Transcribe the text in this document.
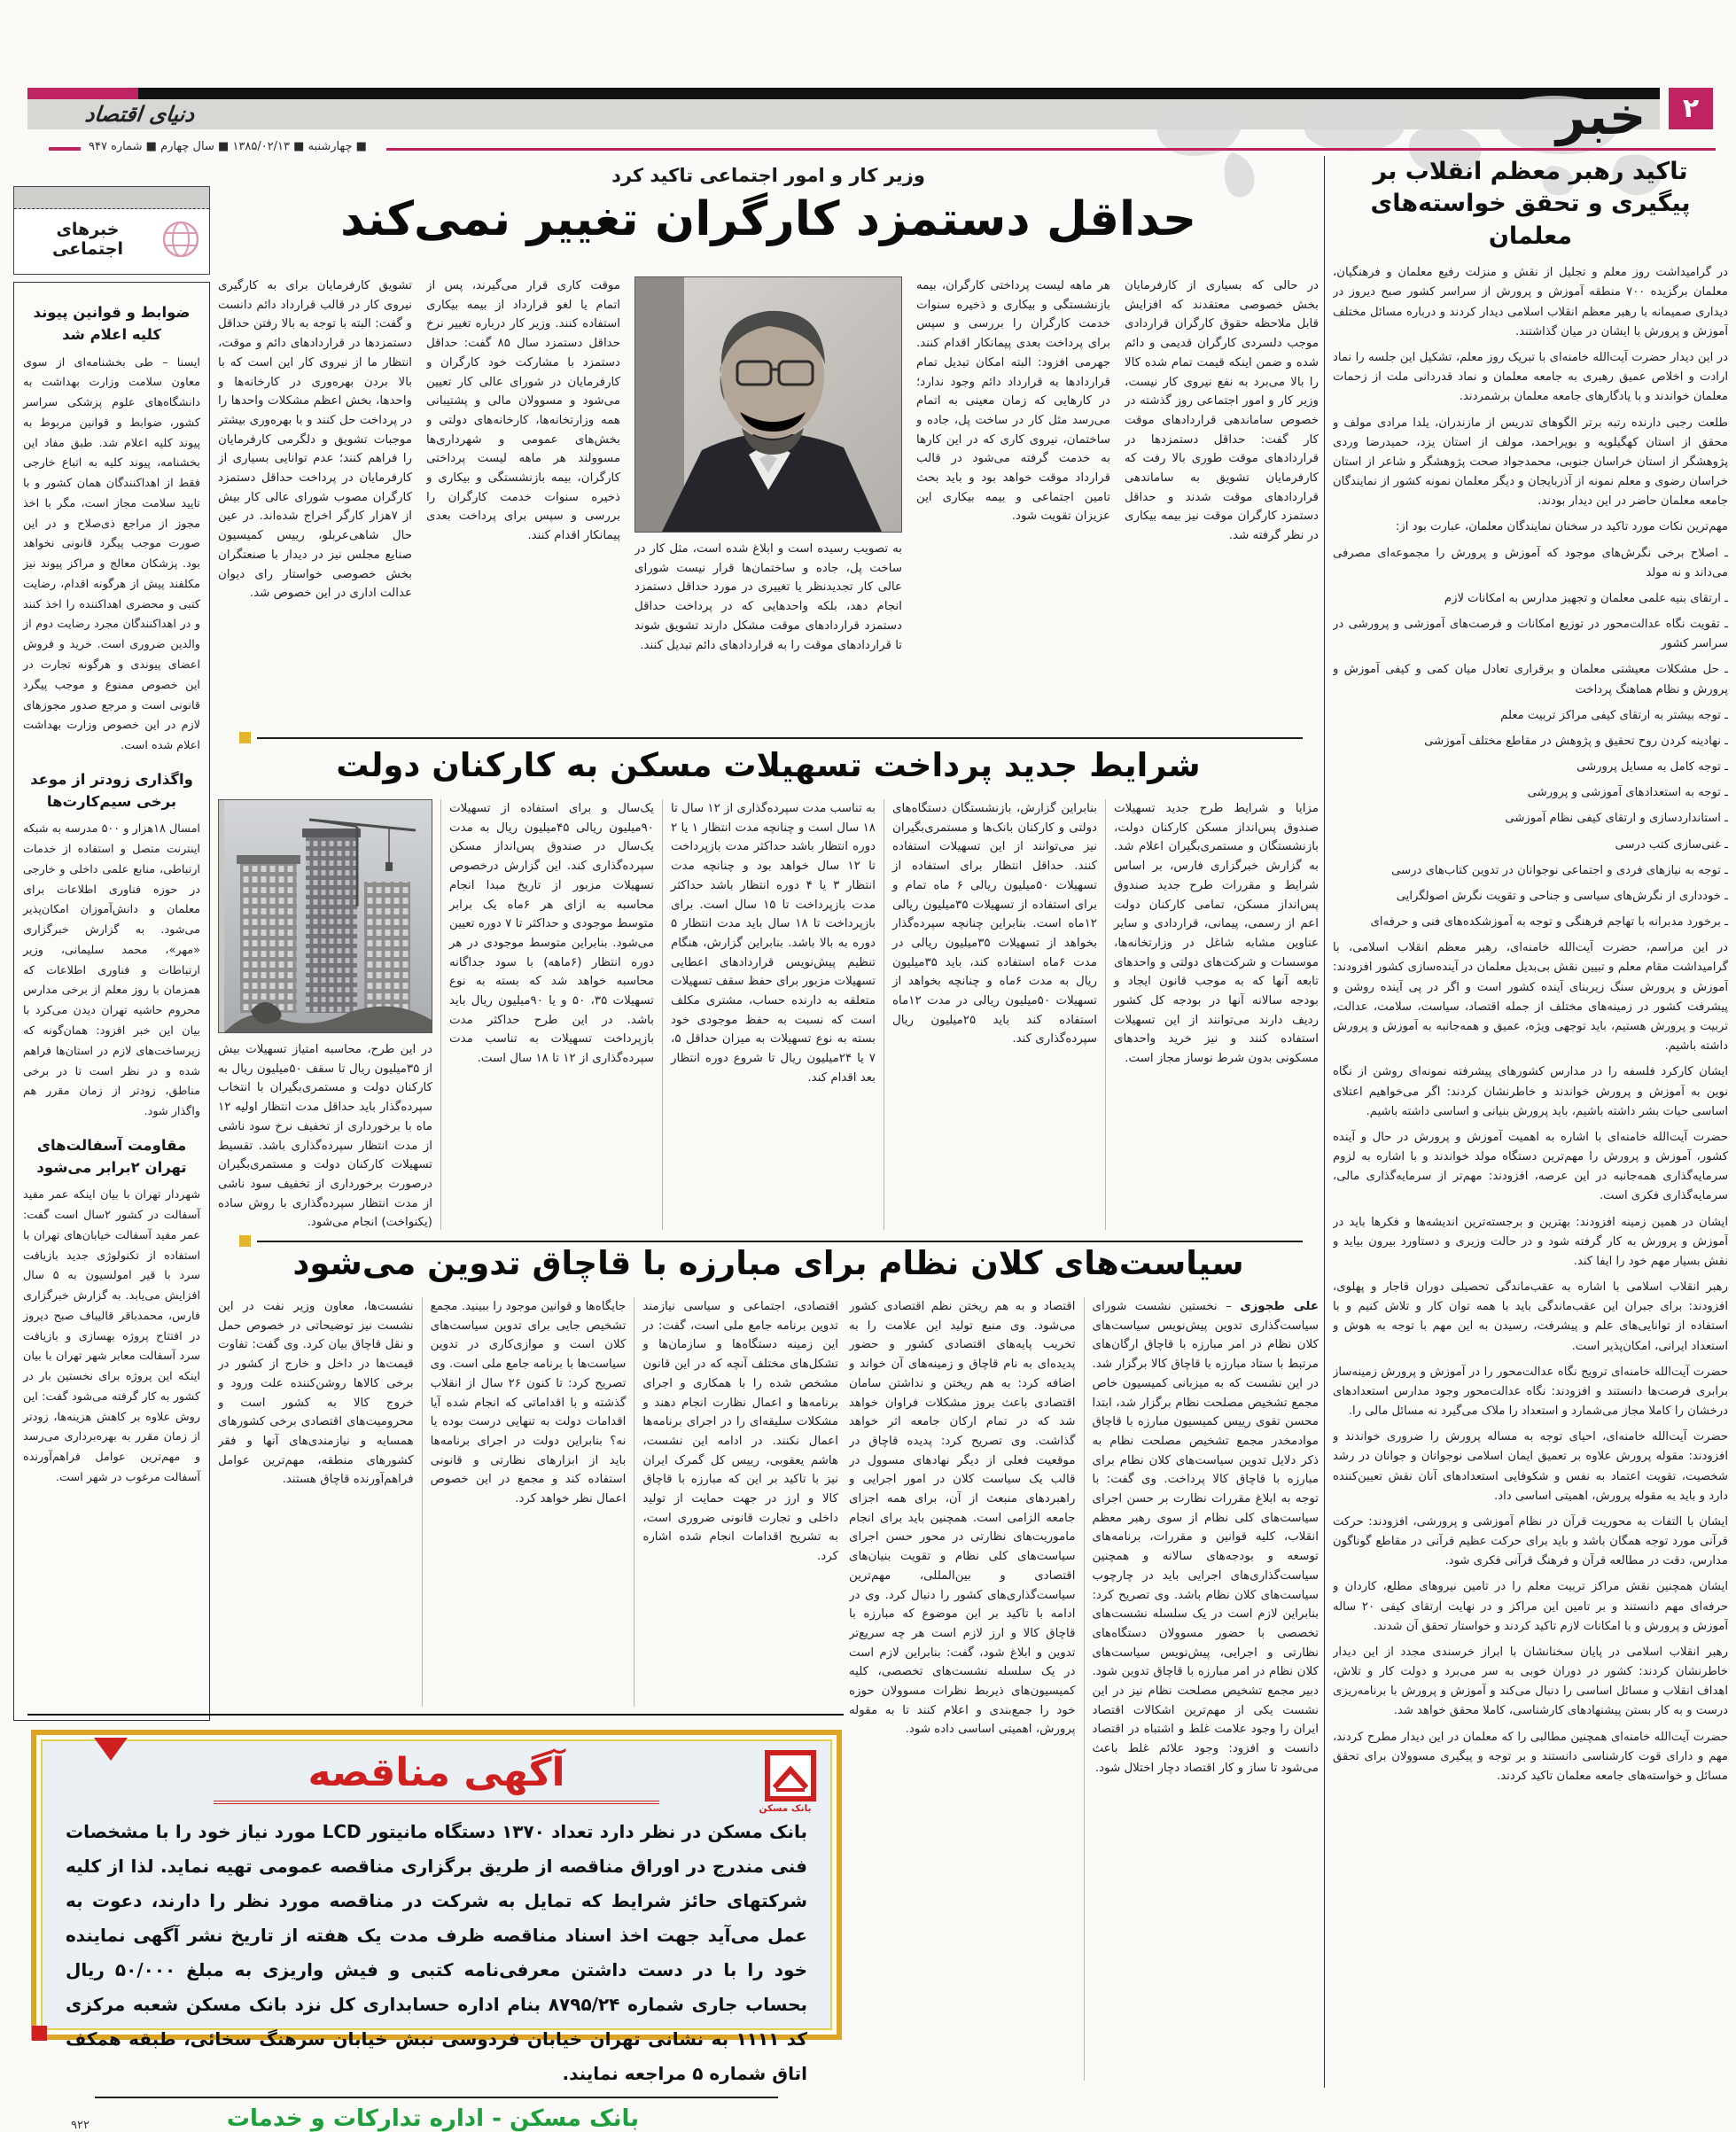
دنیای اقتصاد	۲
خبر
■ چهارشنبه ■ ۱۳۸۵/۰۲/۱۳ ■ سال چهارم ■ شماره ۹۴۷
تاکید رهبر معظم انقلاب بر
پیگیری و تحقق خواسته‌های معلمان

در گرامیداشت روز معلم و تجلیل از نقش و منزلت رفیع معلمان و فرهنگیان، معلمان برگزیده ۷۰۰ منطقه آموزش و پرورش از سراسر کشور صبح دیروز در دیداری صمیمانه با رهبر معظم انقلاب اسلامی دیدار کردند و درباره مسائل مختلف آموزش و پرورش با ایشان در میان گذاشتند.

در این دیدار حضرت آیت‌الله خامنه‌ای با تبریک روز معلم، تشکیل این جلسه را نماد ارادت و اخلاص عمیق رهبری به جامعه معلمان و نماد قدردانی ملت از زحمات معلمان خواندند و با یادگارهای جامعه معلمان برشمردند.

طلعت رجبی دارنده رتبه برتر الگوهای تدریس از مازندران، یلدا مرادی مولف و محقق از استان کهگیلویه و بویراحمد، مولف از استان یزد، حمیدرضا وردی پژوهشگر از استان خراسان جنوبی، محمدجواد صحت پژوهشگر و شاعر از استان خراسان رضوی و معلم نمونه از آذربایجان و دیگر معلمان نمونه کشور از نمایندگان جامعه معلمان حاضر در این دیدار بودند.

مهم‌ترین نکات مورد تاکید در سخنان نمایندگان معلمان، عبارت بود از:

ـ اصلاح برخی نگرش‌های موجود که آموزش و پرورش را مجموعه‌ای مصرفی می‌داند و نه مولد

ـ ارتقای بنیه علمی معلمان و تجهیز مدارس به امکانات لازم

ـ تقویت نگاه عدالت‌محور در توزیع امکانات و فرصت‌های آموزشی و پرورشی در سراسر کشور

ـ حل مشکلات معیشتی معلمان و برقراری تعادل میان کمی و کیفی آموزش و پرورش و نظام هماهنگ پرداخت

ـ توجه بیشتر به ارتقای کیفی مراکز تربیت معلم

ـ نهادینه کردن روح تحقیق و پژوهش در مقاطع مختلف آموزشی

ـ توجه کامل به مسایل پرورشی

ـ توجه به استعدادهای آموزشی و پرورشی

ـ استانداردسازی و ارتقای کیفی نظام آموزشی

ـ غنی‌سازی کتب درسی

ـ توجه به نیازهای فردی و اجتماعی نوجوانان در تدوین کتاب‌های درسی

ـ خودداری از نگرش‌های سیاسی و جناحی و تقویت نگرش اصولگرایی

ـ برخورد مدبرانه با تهاجم فرهنگی و توجه به آموزشکده‌های فنی و حرفه‌ای

در این مراسم، حضرت آیت‌الله خامنه‌ای، رهبر معظم انقلاب اسلامی، با گرامیداشت مقام معلم و تبیین نقش بی‌بدیل معلمان در آینده‌سازی کشور افزودند: آموزش و پرورش سنگ زیربنای آینده کشور است و اگر در پی آینده روشن و پیشرفت کشور در زمینه‌های مختلف از جمله اقتصاد، سیاست، سلامت، عدالت، تربیت و پرورش هستیم، باید توجهی ویژه، عمیق و همه‌جانبه به آموزش و پرورش داشته باشیم.

ایشان کارکرد فلسفه را در مدارس کشورهای پیشرفته نمونه‌ای روشن از نگاه نوین به آموزش و پرورش خواندند و خاطرنشان کردند: اگر می‌خواهیم اعتلای اساسی حیات بشر داشته باشیم، باید پرورش بنیانی و اساسی داشته باشیم.

حضرت آیت‌الله خامنه‌ای با اشاره به اهمیت آموزش و پرورش در حال و آینده کشور، آموزش و پرورش را مهم‌ترین دستگاه مولد خواندند و با اشاره به لزوم سرمایه‌گذاری همه‌جانبه در این عرصه، افزودند: مهم‌تر از سرمایه‌گذاری مالی، سرمایه‌گذاری فکری است.

ایشان در همین زمینه افزودند: بهترین و برجسته‌ترین اندیشه‌ها و فکرها باید در آموزش و پرورش به کار گرفته شود و در حالت وزیری و دستاورد بیرون بیاید و نقش بسیار مهم خود را ایفا کند.

رهبر انقلاب اسلامی با اشاره به عقب‌ماندگی تحصیلی دوران قاجار و پهلوی، افزودند: برای جبران این عقب‌ماندگی باید با همه توان کار و تلاش کنیم و با استفاده از توانایی‌های علم و پیشرفت، رسیدن به این مهم با توجه به هوش و استعداد ایرانی، امکان‌پذیر است.

حضرت آیت‌الله خامنه‌ای ترویج نگاه عدالت‌محور را در آموزش و پرورش زمینه‌ساز برابری فرصت‌ها دانستند و افزودند: نگاه عدالت‌محور وجود مدارس استعدادهای درخشان را کاملا مجاز می‌شمارد و استعداد را ملاک می‌گیرد نه مسائل مالی را.

حضرت آیت‌الله خامنه‌ای، احیای توجه به مساله پرورش را ضروری خواندند و افزودند: مقوله پرورش علاوه بر تعمیق ایمان اسلامی نوجوانان و جوانان در رشد شخصیت، تقویت اعتماد به نفس و شکوفایی استعدادهای آنان نقش تعیین‌کننده دارد و باید به مقوله پرورش، اهمیتی اساسی داد.

ایشان با التفات به محوریت قرآن در نظام آموزشی و پرورشی، افزودند: حرکت قرآنی مورد توجه همگان باشد و باید برای حرکت عظیم قرآنی در مقاطع گوناگون مدارس، دقت در مطالعه قرآن و فرهنگ قرآنی فکری شود.

ایشان همچنین نقش مراکز تربیت معلم را در تامین نیروهای مطلع، کاردان و حرفه‌ای مهم دانستند و بر تامین این مراکز و در نهایت ارتقای کیفی ۲۰ ساله آموزش و پرورش و با امکانات لازم تاکید کردند و خواستار تحقق آن شدند.

رهبر انقلاب اسلامی در پایان سخنانشان با ابراز خرسندی مجدد از این دیدار خاطرنشان کردند: کشور در دوران خوبی به سر می‌برد و دولت کار و تلاش، اهداف انقلاب و مسائل اساسی را دنبال می‌کند و آموزش و پرورش با برنامه‌ریزی درست و به کار بستن پیشنهادهای کارشناسی، کاملا محقق خواهد شد.

حضرت آیت‌الله خامنه‌ای همچنین مطالبی را که معلمان در این دیدار مطرح کردند، مهم و دارای قوت کارشناسی دانستند و بر توجه و پیگیری مسوولان برای تحقق مسائل و خواسته‌های جامعه معلمان تاکید کردند.

خبرهای اجتماعی
ضوابط و قوانین پیوند کلیه اعلام شد
ایسنا – طی بخشنامه‌ای از سوی معاون سلامت وزارت بهداشت به دانشگاه‌های علوم پزشکی سراسر کشور، ضوابط و قوانین مربوط به پیوند کلیه اعلام شد. طبق مفاد این بخشنامه، پیوند کلیه به اتباع خارجی فقط از اهداکنندگان همان کشور و با تایید سلامت مجاز است، مگر با اخذ مجوز از مراجع ذی‌صلاح و در این صورت موجب پیگرد قانونی نخواهد بود. پزشکان معالج و مراکز پیوند نیز مکلفند پیش از هرگونه اقدام، رضایت کتبی و محضری اهداکننده را اخذ کنند و در اهداکنندگان مجرد رضایت دوم از والدین ضروری است. خرید و فروش اعضای پیوندی و هرگونه تجارت در این خصوص ممنوع و موجب پیگرد قانونی است و مرجع صدور مجوزهای لازم در این خصوص وزارت بهداشت اعلام شده است.
واگذاری زودتر از موعد برخی سیم‌کارت‌ها
امسال ۱۸هزار و ۵۰۰ مدرسه به شبکه اینترنت متصل و استفاده از خدمات ارتباطی، منابع علمی داخلی و خارجی در حوزه فناوری اطلاعات برای معلمان و دانش‌آموزان امکان‌پذیر می‌شود. به گزارش خبرگزاری «مهر»، محمد سلیمانی، وزیر ارتباطات و فناوری اطلاعات که همزمان با روز معلم از برخی مدارس محروم حاشیه تهران دیدن می‌کرد با بیان این خبر افزود: همان‌گونه که زیرساخت‌های لازم در استان‌ها فراهم شده و در نظر است تا در برخی مناطق، زودتر از زمان مقرر هم واگذار شود.
مقاومت آسفالت‌های تهران ۲برابر می‌شود
شهردار تهران با بیان اینکه عمر مفید آسفالت در کشور ۲سال است گفت: عمر مفید آسفالت خیابان‌های تهران با استفاده از تکنولوژی جدید بازیافت سرد با قیر امولسیون به ۵ سال افزایش می‌یابد. به گزارش خبرگزاری فارس، محمدباقر قالیباف صبح دیروز در افتتاح پروژه بهسازی و بازیافت سرد آسفالت معابر شهر تهران با بیان اینکه این پروژه برای نخستین بار در کشور به کار گرفته می‌شود گفت: این روش علاوه بر کاهش هزینه‌ها، زودتر از زمان مقرر به بهره‌برداری می‌رسد و مهم‌ترین عوامل فراهم‌آورنده آسفالت مرغوب در شهر است.
وزیر کار و امور اجتماعی تاکید کرد
حداقل دستمزد کارگران تغییر نمی‌کند
در حالی که بسیاری از کارفرمایان بخش خصوصی معتقدند که افزایش قابل ملاحظه حقوق کارگران قراردادی موجب دلسردی کارگران قدیمی و دائم شده و ضمن اینکه قیمت تمام شده کالا را بالا می‌برد به نفع نیروی کار نیست، وزیر کار و امور اجتماعی روز گذشته در خصوص ساماندهی قراردادهای موقت کار گفت: حداقل دستمزدها در قراردادهای موقت طوری بالا رفت که کارفرمایان تشویق به ساماندهی قراردادهای موقت شدند و حداقل دستمزد کارگران موقت نیز بیمه بیکاری در نظر گرفته شد.
هر ماهه لیست پرداختی کارگران، بیمه بازنشستگی و بیکاری و ذخیره سنوات خدمت کارگران را بررسی و سپس برای پرداخت بعدی پیمانکار اقدام کنند. جهرمی افزود: البته امکان تبدیل تمام قراردادها به قرارداد دائم وجود ندارد؛ در کارهایی که زمان معینی به اتمام می‌رسد مثل کار در ساخت پل، جاده و ساختمان، نیروی کاری که در این کارها به خدمت گرفته می‌شود در قالب قرارداد موقت خواهد بود و باید بحث تامین اجتماعی و بیمه بیکاری این عزیزان تقویت شود.
به تصویب رسیده است و ابلاغ شده است، مثل کار در ساخت پل، جاده و ساختمان‌ها قرار نیست شورای عالی کار تجدیدنظر یا تغییری در مورد حداقل دستمزد انجام دهد، بلکه واحدهایی که در پرداخت حداقل دستمزد قراردادهای موقت مشکل دارند تشویق شوند تا قراردادهای موقت را به قراردادهای دائم تبدیل کنند.
موقت کاری قرار می‌گیرند، پس از اتمام یا لغو قرارداد از بیمه بیکاری استفاده کنند. وزیر کار درباره تغییر نرخ حداقل دستمزد سال ۸۵ گفت: حداقل دستمزد با مشارکت خود کارگران و کارفرمایان در شورای عالی کار تعیین می‌شود و مسوولان مالی و پشتیبانی همه وزارتخانه‌ها، کارخانه‌های دولتی و بخش‌های عمومی و شهرداری‌ها مسوولند هر ماهه لیست پرداختی کارگران، بیمه بازنشستگی و بیکاری و ذخیره سنوات خدمت کارگران را بررسی و سپس برای پرداخت بعدی پیمانکار اقدام کنند.
تشویق کارفرمایان برای به کارگیری نیروی کار در قالب قرارداد دائم دانست و گفت: البته با توجه به بالا رفتن حداقل دستمزدها در قراردادهای دائم و موقت، انتظار ما از نیروی کار این است که با بالا بردن بهره‌وری در کارخانه‌ها و واحدها، بخش اعظم مشکلات واحدها را در پرداخت حل کنند و با بهره‌وری بیشتر موجبات تشویق و دلگرمی کارفرمایان را فراهم کنند؛ عدم توانایی بسیاری از کارفرمایان در پرداخت حداقل دستمزد کارگران مصوب شورای عالی کار بیش از ۷هزار کارگر اخراج شده‌اند. در عین حال شاهی‌عربلو، رییس کمیسیون صنایع مجلس نیز در دیدار با صنعتگران بخش خصوصی خواستار رای دیوان عدالت اداری در این خصوص شد.
شرایط جدید پرداخت تسهیلات مسکن به کارکنان دولت
مزایا و شرایط طرح جدید تسهیلات صندوق پس‌انداز مسکن کارکنان دولت، بازنشستگان و مستمری‌بگیران اعلام شد. به گزارش خبرگزاری فارس، بر اساس شرایط و مقررات طرح جدید صندوق پس‌انداز مسکن، تمامی کارکنان دولت اعم از رسمی، پیمانی، قراردادی و سایر عناوین مشابه شاغل در وزارتخانه‌ها، موسسات و شرکت‌های دولتی و واحدهای تابعه آنها که به موجب قانون ایجاد و بودجه سالانه آنها در بودجه کل کشور ردیف دارند می‌توانند از این تسهیلات استفاده کنند و نیز خرید واحدهای مسکونی بدون شرط نوساز مجاز است.
بنابراین گزارش، بازنشستگان دستگاه‌های دولتی و کارکنان بانک‌ها و مستمری‌بگیران نیز می‌توانند از این تسهیلات استفاده کنند. حداقل انتظار برای استفاده از تسهیلات ۵۰میلیون ریالی ۶ ماه تمام و برای استفاده از تسهیلات ۳۵میلیون ریالی ۱۲ماه است. بنابراین چنانچه سپرده‌گذار بخواهد از تسهیلات ۳۵میلیون ریالی در مدت ۶ماه استفاده کند، باید ۳۵میلیون ریال به مدت ۶ماه و چنانچه بخواهد از تسهیلات ۵۰میلیون ریالی در مدت ۱۲ماه استفاده کند باید ۲۵میلیون ریال سپرده‌گذاری کند.
به تناسب مدت سپرده‌گذاری از ۱۲ سال تا ۱۸ سال است و چنانچه مدت انتظار ۱ یا ۲ دوره انتظار باشد حداکثر مدت بازپرداخت تا ۱۲ سال خواهد بود و چنانچه مدت انتظار ۳ یا ۴ دوره انتظار باشد حداکثر مدت بازپرداخت تا ۱۵ سال است. برای بازپرداخت تا ۱۸ سال باید مدت انتظار ۵ دوره به بالا باشد. بنابراین گزارش، هنگام تنظیم پیش‌نویس قراردادهای اعطایی تسهیلات مزبور برای حفظ سقف تسهیلات متعلقه به دارنده حساب، مشتری مکلف است که نسبت به حفظ موجودی خود بسته به نوع تسهیلات به میزان حداقل ۵، ۷ یا ۲۴میلیون ریال تا شروع دوره انتظار بعد اقدام کند.
یک‌سال و برای استفاده از تسهیلات ۹۰میلیون ریالی ۴۵میلیون ریال به مدت یک‌سال در صندوق پس‌انداز مسکن سپرده‌گذاری کند. این گزارش درخصوص تسهیلات مزبور از تاریخ مبدا انجام محاسبه به ازای هر ۶ماه یک برابر متوسط موجودی و حداکثر تا ۷ دوره تعیین می‌شود. بنابراین متوسط موجودی در هر دوره انتظار (۶ماهه) با سود جداگانه محاسبه خواهد شد که بسته به نوع تسهیلات ۳۵، ۵۰ و یا ۹۰میلیون ریال باید باشد. در این طرح حداکثر مدت بازپرداخت تسهیلات به تناسب مدت سپرده‌گذاری از ۱۲ تا ۱۸ سال است.
در این طرح، محاسبه امتیاز تسهیلات بیش از ۳۵میلیون ریال تا سقف ۵۰میلیون ریال به کارکنان دولت و مستمری‌بگیران با انتخاب سپرده‌گذار باید حداقل مدت انتظار اولیه ۱۲ ماه با برخورداری از تخفیف نرخ سود ناشی از مدت انتظار سپرده‌گذاری باشد. تقسیط تسهیلات کارکنان دولت و مستمری‌بگیران درصورت برخورداری از تخفیف سود ناشی از مدت انتظار سپرده‌گذاری با روش ساده (یکنواخت) انجام می‌شود.
سیاست‌های کلان نظام برای مبارزه با قاچاق تدوین می‌شود
علی طجوزی – نخستین نشست شورای سیاست‌گذاری تدوین پیش‌نویس سیاست‌های کلان نظام در امر مبارزه با قاچاق ارگان‌های مرتبط با ستاد مبارزه با قاچاق کالا برگزار شد. در این نشست که به میزبانی کمیسیون خاص مجمع تشخیص مصلحت نظام برگزار شد، ابتدا محسن تقوی رییس کمیسیون مبارزه با قاچاق موادمخدر مجمع تشخیص مصلحت نظام به ذکر دلایل تدوین سیاست‌های کلان نظام برای مبارزه با قاچاق کالا پرداخت. وی گفت: با توجه به ابلاغ مقررات نظارت بر حسن اجرای سیاست‌های کلی نظام از سوی رهبر معظم انقلاب، کلیه قوانین و مقررات، برنامه‌های توسعه و بودجه‌های سالانه و همچنین سیاست‌گذاری‌های اجرایی باید در چارچوب سیاست‌های کلان نظام باشد. وی تصریح کرد: بنابراین لازم است در یک سلسله نشست‌های تخصصی با حضور مسوولان دستگاه‌های نظارتی و اجرایی، پیش‌نویس سیاست‌های کلان نظام در امر مبارزه با قاچاق تدوین شود. دبیر مجمع تشخیص مصلحت نظام نیز در این نشست یکی از مهم‌ترین اشکالات اقتصاد ایران را وجود علامت غلط و اشتباه در اقتصاد دانست و افزود: وجود علائم غلط باعث می‌شود تا ساز و کار اقتصاد دچار اختلال شود.
اقتصاد و به هم ریختن نظم اقتصادی کشور می‌شود. وی منبع تولید این علامت را به تخریب پایه‌های اقتصادی کشور و حضور پدیده‌ای به نام قاچاق و زمینه‌های آن خواند و اضافه کرد: به هم ریختن و نداشتن سامان اقتصادی باعث بروز مشکلات فراوان خواهد شد که در تمام ارکان جامعه اثر خواهد گذاشت. وی تصریح کرد: پدیده قاچاق در موقعیت فعلی از دیگر نهادهای مسوول در قالب یک سیاست کلان در امور اجرایی و راهبردهای منبعث از آن، برای همه اجزای جامعه الزامی است. همچنین باید برای انجام ماموریت‌های نظارتی در محور حسن اجرای سیاست‌های کلی نظام و تقویت بنیان‌های اقتصادی و بین‌المللی، مهم‌ترین سیاست‌گذاری‌های کشور را دنبال کرد. وی در ادامه با تاکید بر این موضوع که مبارزه با قاچاق کالا و ارز لازم است هر چه سریع‌تر تدوین و ابلاغ شود، گفت: بنابراین لازم است در یک سلسله نشست‌های تخصصی، کلیه کمیسیون‌های ذیربط نظرات مسوولان حوزه خود را جمع‌بندی و اعلام کنند تا به مقوله پرورش، اهمیتی اساسی داده شود.
اقتصادی، اجتماعی و سیاسی نیازمند تدوین برنامه جامع ملی است، گفت: در این زمینه دستگاه‌ها و سازمان‌ها و تشکل‌های مختلف آنچه که در این قانون مشخص شده را با همکاری و اجرای برنامه‌ها و اعمال نظارت انجام دهند و مشکلات سلیقه‌ای را در اجرای برنامه‌ها اعمال نکنند. در ادامه این نشست، هاشم یعقوبی، رییس کل گمرک ایران نیز با تاکید بر این که مبارزه با قاچاق کالا و ارز در جهت حمایت از تولید داخلی و تجارت قانونی ضروری است، به تشریح اقدامات انجام شده اشاره کرد.
جایگاه‌ها و قوانین موجود را ببینید. مجمع تشخیص جایی برای تدوین سیاست‌های کلان است و موازی‌کاری در تدوین سیاست‌ها با برنامه جامع ملی است. وی تصریح کرد: تا کنون ۲۶ سال از انقلاب گذشته و با اقداماتی که انجام شده آیا اقدامات دولت به تنهایی درست بوده یا نه؟ بنابراین دولت در اجرای برنامه‌ها باید از ابزارهای نظارتی و قانونی استفاده کند و مجمع در این خصوص اعمال نظر خواهد کرد.
نشست‌ها، معاون وزیر نفت در این نشست نیز توضیحاتی در خصوص حمل و نقل قاچاق بیان کرد. وی گفت: تفاوت قیمت‌ها در داخل و خارج از کشور در برخی کالاها روشن‌کننده علت ورود و خروج کالا به کشور است و محرومیت‌های اقتصادی برخی کشورهای همسایه و نیازمندی‌های آنها و فقر کشورهای منطقه، مهم‌ترین عوامل فراهم‌آورنده قاچاق هستند.
بانک مسکن
آگهی مناقصه
بانک مسکن در نظر دارد تعداد ۱۳۷۰ دستگاه مانیتور LCD مورد نیاز خود را با مشخصات فنی مندرج در اوراق مناقصه از طریق برگزاری مناقصه عمومی تهیه نماید. لذا از کلیه شرکتهای حائز شرایط که تمایل به شرکت در مناقصه مورد نظر را دارند، دعوت به عمل می‌آید جهت اخذ اسناد مناقصه ظرف مدت یک هفته از تاریخ نشر آگهی نماینده خود را با در دست داشتن معرفی‌نامه کتبی و فیش واریزی به مبلغ ۵۰/۰۰۰ ریال بحساب جاری شماره ۸۷۹۵/۲۴ بنام اداره حسابداری کل نزد بانک مسکن شعبه مرکزی کد ۱۱۱۱ به نشانی تهران خیابان فردوسی نبش خیابان سرهنگ سخائی، طبقه همکف اتاق شماره ۵ مراجعه نمایند.
بانک مسکن - اداره تدارکات و خدمات
۹۲۲
